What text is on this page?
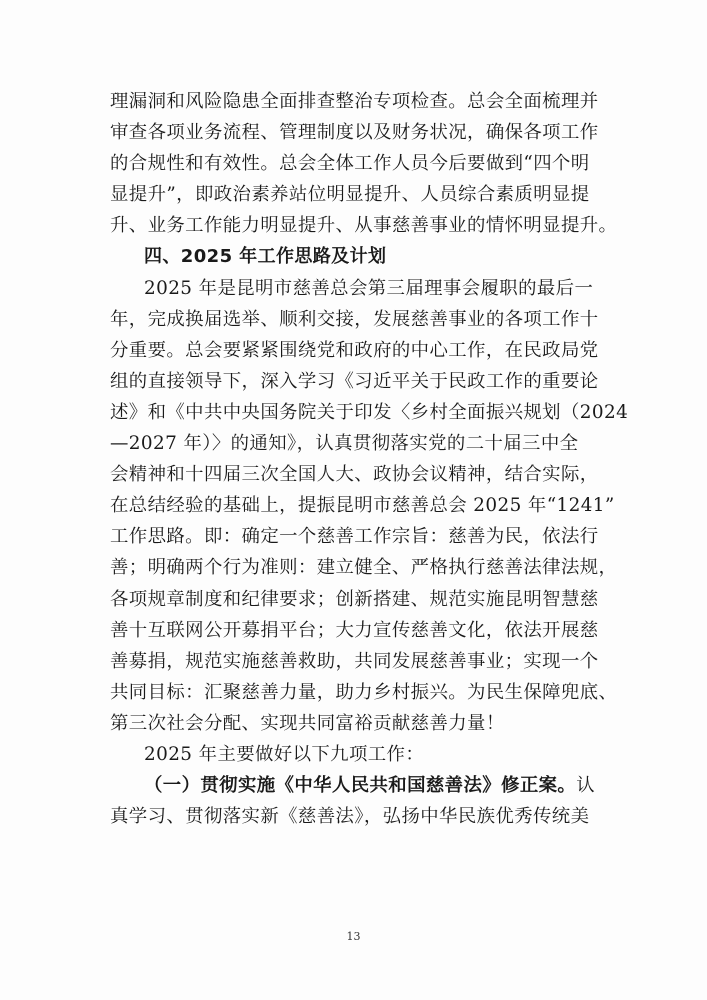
理漏洞和风险隐患全面排查整治专项检查。总会全面梳理并
审查各项业务流程、管理制度以及财务状况，确保各项工作
的合规性和有效性。总会全体工作人员今后要做到“四个明
显提升”，即政治素养站位明显提升、人员综合素质明显提
升、业务工作能力明显提升、从事慈善事业的情怀明显提升。
四、2025 年工作思路及计划
2025 年是昆明市慈善总会第三届理事会履职的最后一
年，完成换届选举、顺利交接，发展慈善事业的各项工作十
分重要。总会要紧紧围绕党和政府的中心工作，在民政局党
组的直接领导下，深入学习《习近平关于民政工作的重要论
述》和《中共中央国务院关于印发〈乡村全面振兴规划（2024
—2027 年）〉的通知》，认真贯彻落实党的二十届三中全
会精神和十四届三次全国人大、政协会议精神，结合实际，
在总结经验的基础上，提振昆明市慈善总会 2025 年“1241”
工作思路。即：确定一个慈善工作宗旨：慈善为民，依法行
善；明确两个行为准则：建立健全、严格执行慈善法律法规，
各项规章制度和纪律要求；创新搭建、规范实施昆明智慧慈
善十互联网公开募捐平台；大力宣传慈善文化，依法开展慈
善募捐，规范实施慈善救助，共同发展慈善事业；实现一个
共同目标：汇聚慈善力量，助力乡村振兴。为民生保障兜底、
第三次社会分配、实现共同富裕贡献慈善力量！
2025 年主要做好以下九项工作：
（一）贯彻实施《中华人民共和国慈善法》修正案。认
真学习、贯彻落实新《慈善法》，弘扬中华民族优秀传统美
13
